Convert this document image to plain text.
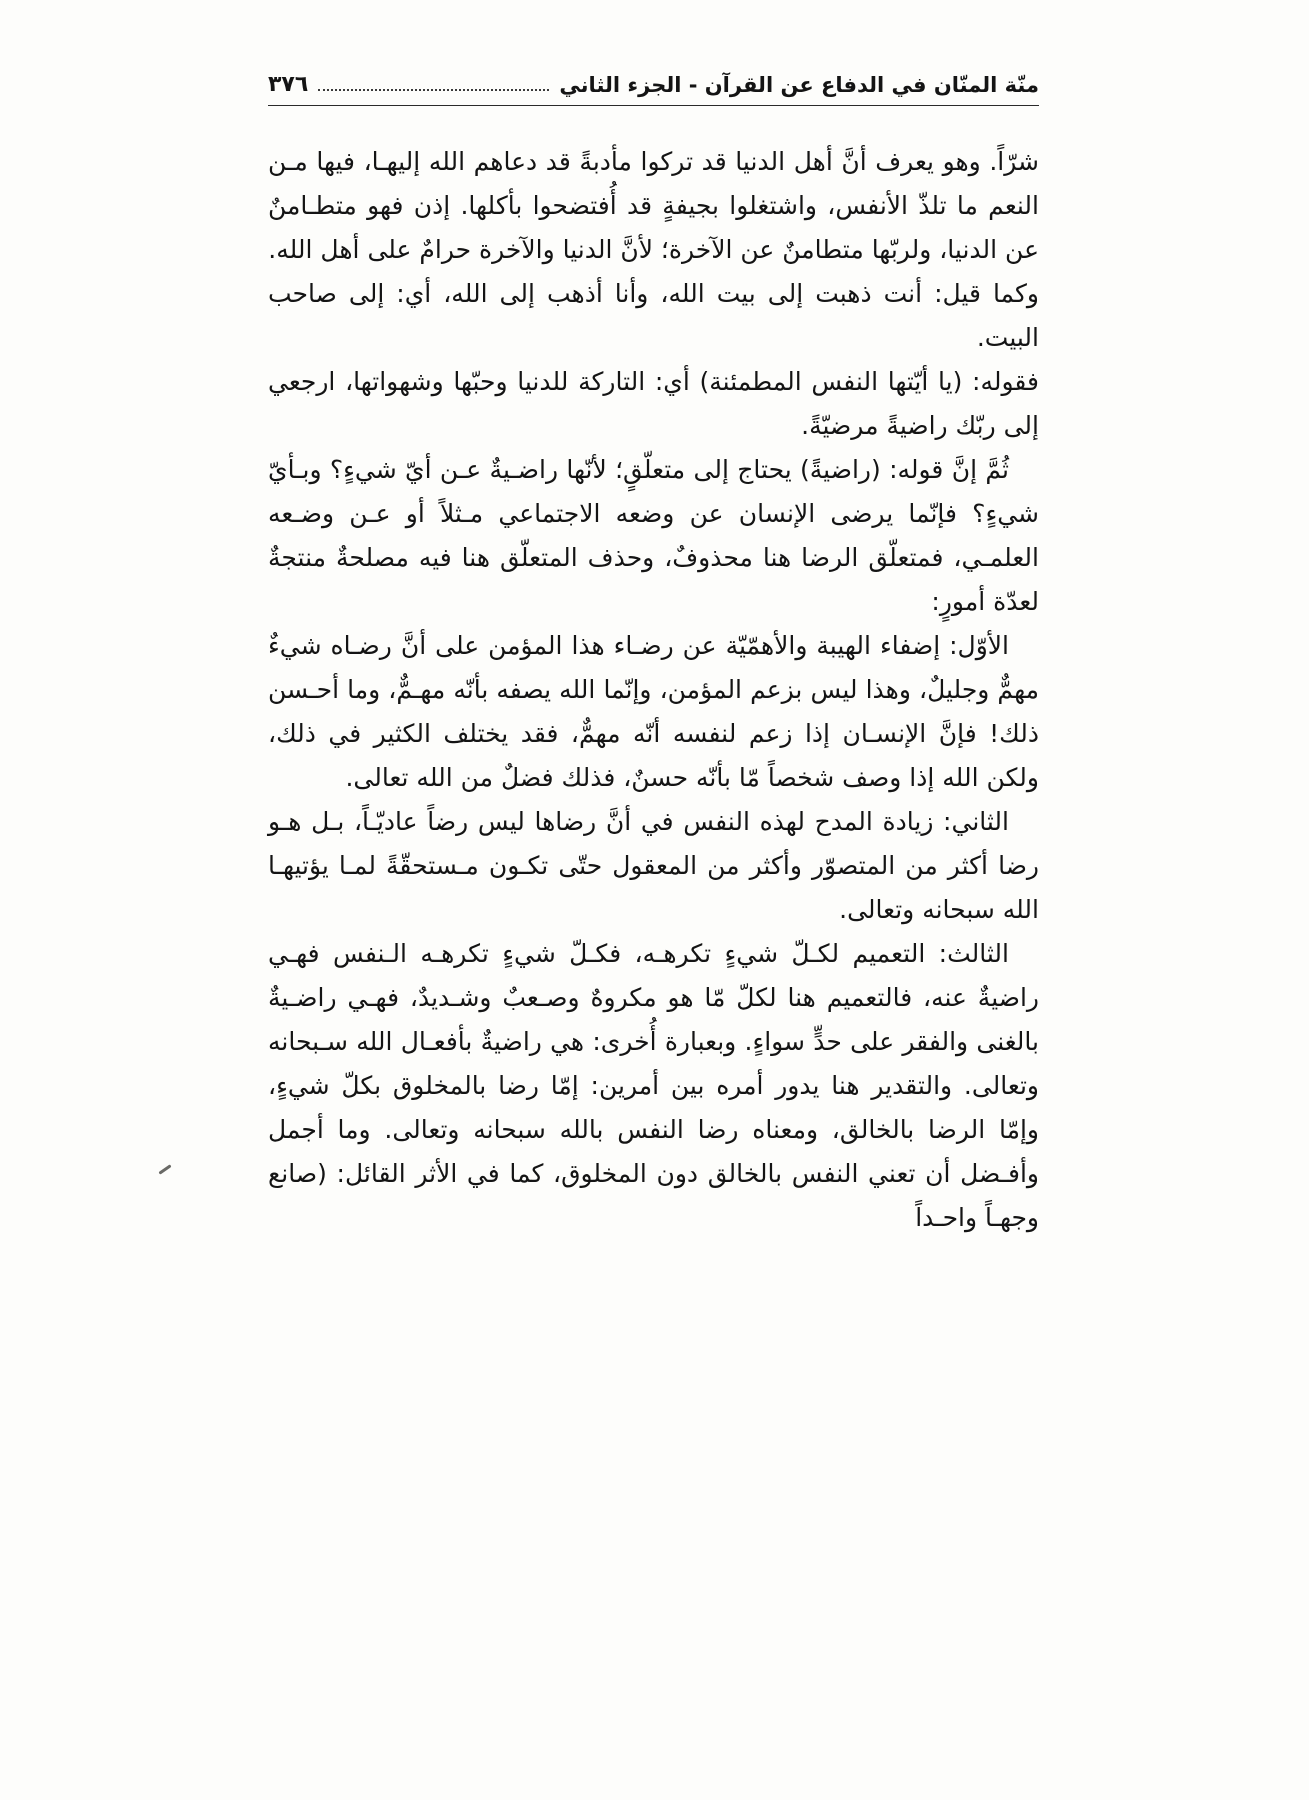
منّة المنّان في الدفاع عن القرآن - الجزء الثاني
٣٧٦

شرّاً. وهو يعرف أنَّ أهل الدنيا قد تركوا مأدبةً قد دعاهم الله إليهـا، فيها مـن النعم ما تلذّ الأنفس، واشتغلوا بجيفةٍ قد أُفتضحوا بأكلها. إذن فهو متطـامنٌ عن الدنيا، ولربّها متطامنٌ عن الآخرة؛ لأنَّ الدنيا والآخرة حرامٌ على أهل الله.

وكما قيل: أنت ذهبت إلى بيت الله، وأنا أذهب إلى الله، أي: إلى صاحب البيت.

فقوله: (يا أيّتها النفس المطمئنة) أي: التاركة للدنيا وحبّها وشهواتها، ارجعي إلى ربّك راضيةً مرضيّةً.

ثُمَّ إنَّ قوله: (راضيةً) يحتاج إلى متعلّقٍ؛ لأنّها راضـيةٌ عـن أيّ شيءٍ؟ وبـأيّ شيءٍ؟ فإنّما يرضى الإنسان عن وضعه الاجتماعي مـثلاً أو عـن وضـعه العلمـي، فمتعلّق الرضا هنا محذوفٌ، وحذف المتعلّق هنا فيه مصلحةٌ منتجةٌ لعدّة أمورٍ:

الأوّل: إضفاء الهيبة والأهمّيّة عن رضـاء هذا المؤمن على أنَّ رضـاه شيءٌ مهمٌّ وجليلٌ، وهذا ليس بزعم المؤمن، وإنّما الله يصفه بأنّه مهـمٌّ، وما أحـسن ذلك! فإنَّ الإنسـان إذا زعم لنفسه أنّه مهمٌّ، فقد يختلف الكثير في ذلك، ولكن الله إذا وصف شخصاً مّا بأنّه حسنٌ، فذلك فضلٌ من الله تعالى.

الثاني: زيادة المدح لهذه النفس في أنَّ رضاها ليس رضاً عاديّـاً، بـل هـو رضا أكثر من المتصوّر وأكثر من المعقول حتّى تكـون مـستحقّةً لمـا يؤتيهـا الله سبحانه وتعالى.

الثالث: التعميم لكـلّ شيءٍ تكرهـه، فكـلّ شيءٍ تكرهـه الـنفس فهـي راضيةٌ عنه، فالتعميم هنا لكلّ مّا هو مكروهٌ وصـعبٌ وشـديدٌ، فهـي راضـيةٌ بالغنى والفقر على حدٍّ سواءٍ. وبعبارة أُخرى: هي راضيةٌ بأفعـال الله سـبحانه وتعالى. والتقدير هنا يدور أمره بين أمرين: إمّا رضا بالمخلوق بكلّ شيءٍ، وإمّا الرضا بالخالق، ومعناه رضا النفس بالله سبحانه وتعالى. وما أجمل وأفـضل أن تعني النفس بالخالق دون المخلوق، كما في الأثر القائل: (صانع وجهـاً واحـداً
